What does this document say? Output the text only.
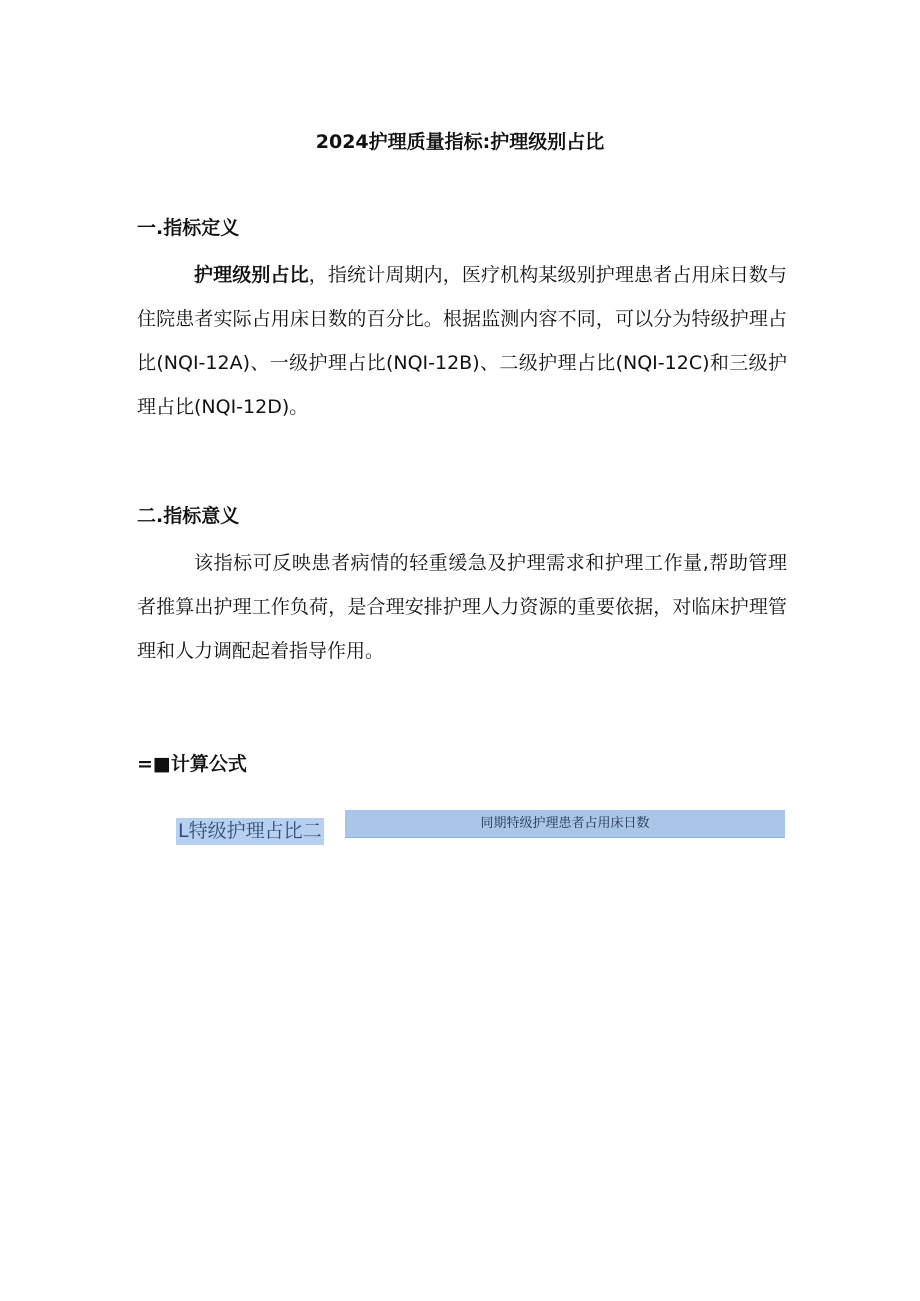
2024护理质量指标:护理级别占比
一.指标定义
护理级别占比，指统计周期内，医疗机构某级别护理患者占用床日数与住院患者实际占用床日数的百分比。根据监测内容不同，可以分为特级护理占比(NQI-12A)、一级护理占比(NQI-12B)、二级护理占比(NQI-12C)和三级护理占比(NQI-12D)。
二.指标意义
该指标可反映患者病情的轻重缓急及护理需求和护理工作量,帮助管理者推算出护理工作负荷，是合理安排护理人力资源的重要依据，对临床护理管理和人力调配起着指导作用。
=■计算公式
L特级护理占比二	同期特级护理患者占用床日数
